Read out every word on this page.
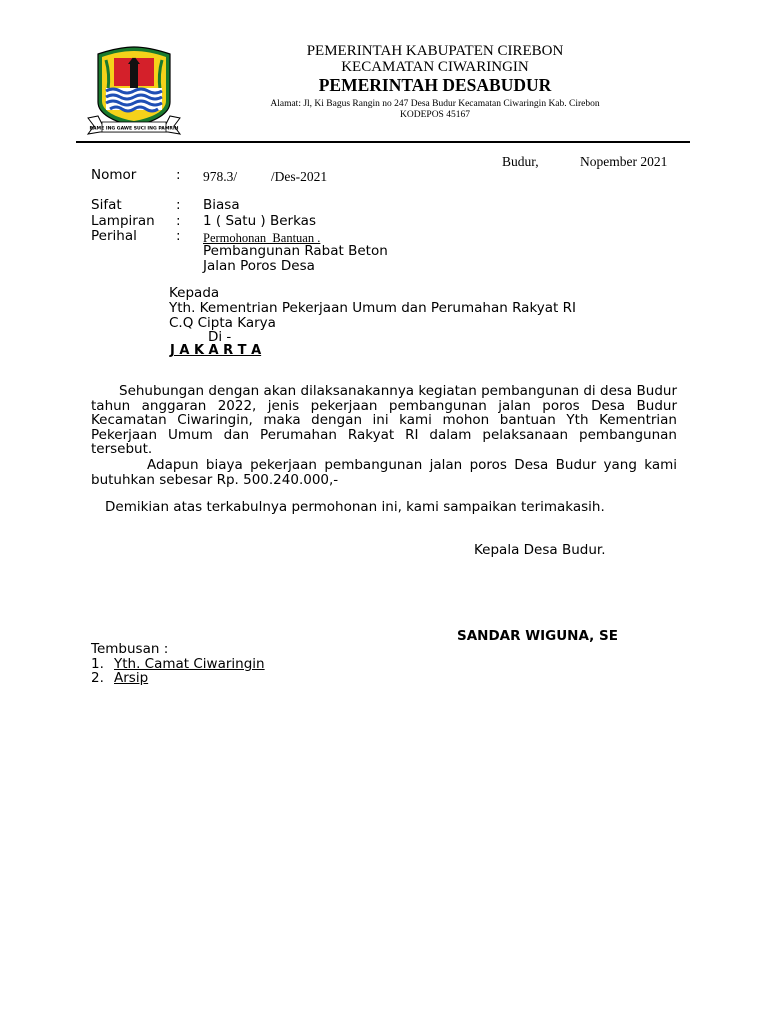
RAME ING GAWE SUCI ING PAMRIH
PEMERINTAH KABUPATEN CIREBON
KECAMATAN CIWARINGIN
PEMERINTAH DESABUDUR
Alamat: Jl, Ki Bagus Rangin no 247 Desa Budur Kecamatan Ciwaringin Kab. Cirebon
KODEPOS 45167
Budur,	Nopember 2021
Nomor	: 978.3/          /Des-2021
Sifat	: Biasa
Lampiran : 1 ( Satu ) Berkas
Perihal	: Permohonan  Bantuan .
Pembangunan Rabat Beton
Jalan Poros Desa
Kepada
Yth. Kementrian Pekerjaan Umum dan Perumahan Rakyat RI
C.Q Cipta Karya
Di -
J A K A R T A
Sehubungan dengan akan dilaksanakannya kegiatan pembangunan di desa Budur tahun anggaran 2022, jenis pekerjaan pembangunan jalan poros Desa Budur Kecamatan Ciwaringin, maka dengan ini kami mohon bantuan Yth Kementrian Pekerjaan Umum dan Perumahan Rakyat RI dalam pelaksanaan pembangunan tersebut.
Adapun biaya pekerjaan pembangunan jalan poros Desa Budur yang kami butuhkan sebesar Rp. 500.240.000,-
Demikian atas terkabulnya permohonan ini, kami sampaikan terimakasih.
Kepala Desa Budur.
SANDAR WIGUNA, SE
Tembusan :
1. Yth. Camat Ciwaringin
2. Arsip
